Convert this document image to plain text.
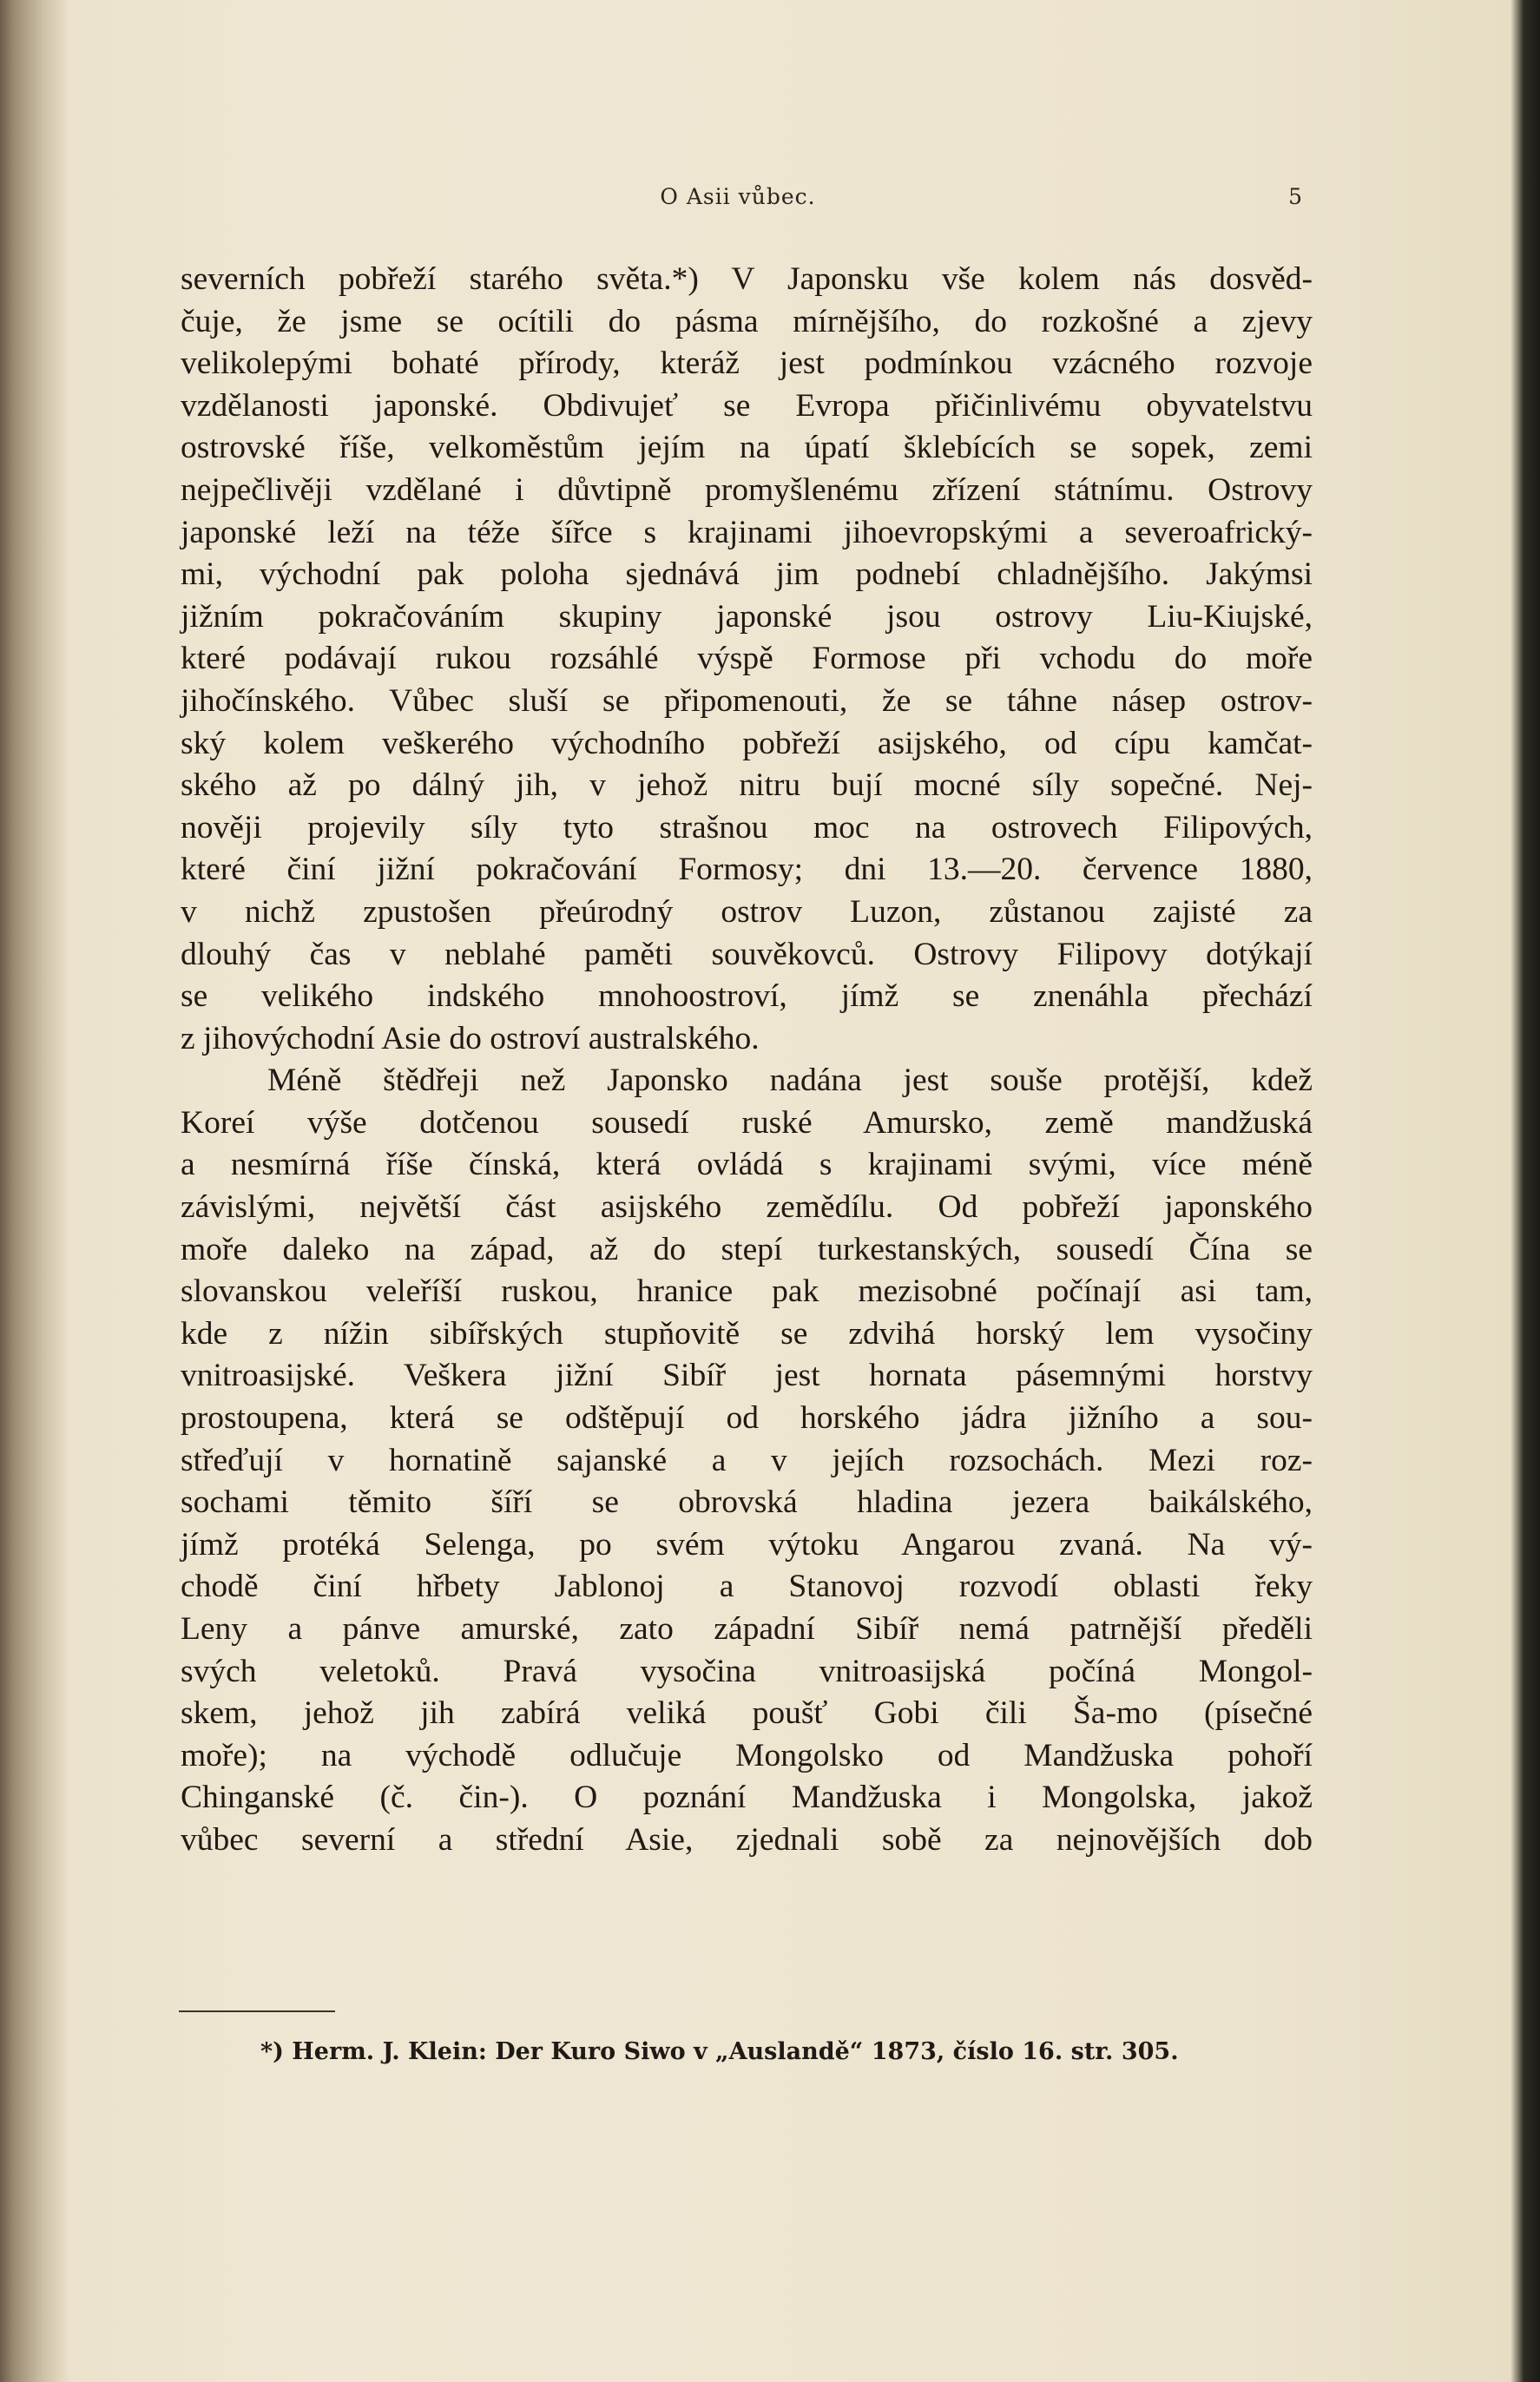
O Asii vůbec.	5
severních pobřeží starého světa.*) V Japonsku vše kolem nás dosvěd-
čuje, že jsme se ocítili do pásma mírnějšího, do rozkošné a zjevy
velikolepými bohaté přírody, kteráž jest podmínkou vzácného rozvoje
vzdělanosti japonské. Obdivujeť se Evropa přičinlivému obyvatelstvu
ostrovské říše, velkoměstům jejím na úpatí šklebících se sopek, zemi
nejpečlivěji vzdělané i důvtipně promyšlenému zřízení státnímu. Ostrovy
japonské leží na téže šířce s krajinami jihoevropskými a severoafrický-
mi, východní pak poloha sjednává jim podnebí chladnějšího. Jakýmsi
jižním pokračováním skupiny japonské jsou ostrovy Liu-Kiujské,
které podávají rukou rozsáhlé výspě Formose při vchodu do moře
jihočínského. Vůbec sluší se připomenouti, že se táhne násep ostrov-
ský kolem veškerého východního pobřeží asijského, od cípu kamčat-
ského až po dálný jih, v jehož nitru bují mocné síly sopečné. Nej-
nověji projevily síly tyto strašnou moc na ostrovech Filipových,
které činí jižní pokračování Formosy; dni 13.—20. července 1880,
v nichž zpustošen přeúrodný ostrov Luzon, zůstanou zajisté za
dlouhý čas v neblahé paměti souvěkovců. Ostrovy Filipovy dotýkají
se velikého indského mnohoostroví, jímž se znenáhla přechází
z jihovýchodní Asie do ostroví australského.
Méně štědřeji než Japonsko nadána jest souše protější, kdež
Koreí výše dotčenou sousedí ruské Amursko, země mandžuská
a nesmírná říše čínská, která ovládá s krajinami svými, více méně
závislými, největší část asijského zemědílu. Od pobřeží japonského
moře daleko na západ, až do stepí turkestanských, sousedí Čína se
slovanskou veleříší ruskou, hranice pak mezisobné počínají asi tam,
kde z nížin sibířských stupňovitě se zdvihá horský lem vysočiny
vnitroasijské. Veškera jižní Sibíř jest hornata pásemnými horstvy
prostoupena, která se odštěpují od horského jádra jižního a sou-
střeďují v hornatině sajanské a v jejích rozsochách. Mezi roz-
sochami těmito šíří se obrovská hladina jezera baikálského,
jímž protéká Selenga, po svém výtoku Angarou zvaná. Na vý-
chodě činí hřbety Jablonoj a Stanovoj rozvodí oblasti řeky
Leny a pánve amurské, zato západní Sibíř nemá patrnější předěli
svých veletoků. Pravá vysočina vnitroasijská počíná Mongol-
skem, jehož jih zabírá veliká poušť Gobi čili Ša-mo (písečné
moře); na východě odlučuje Mongolsko od Mandžuska pohoří
Chinganské (č. čin-). O poznání Mandžuska i Mongolska, jakož
vůbec severní a střední Asie, zjednali sobě za nejnovějších dob
*) Herm. J. Klein: Der Kuro Siwo v „Auslandě“ 1873, číslo 16. str. 305.
